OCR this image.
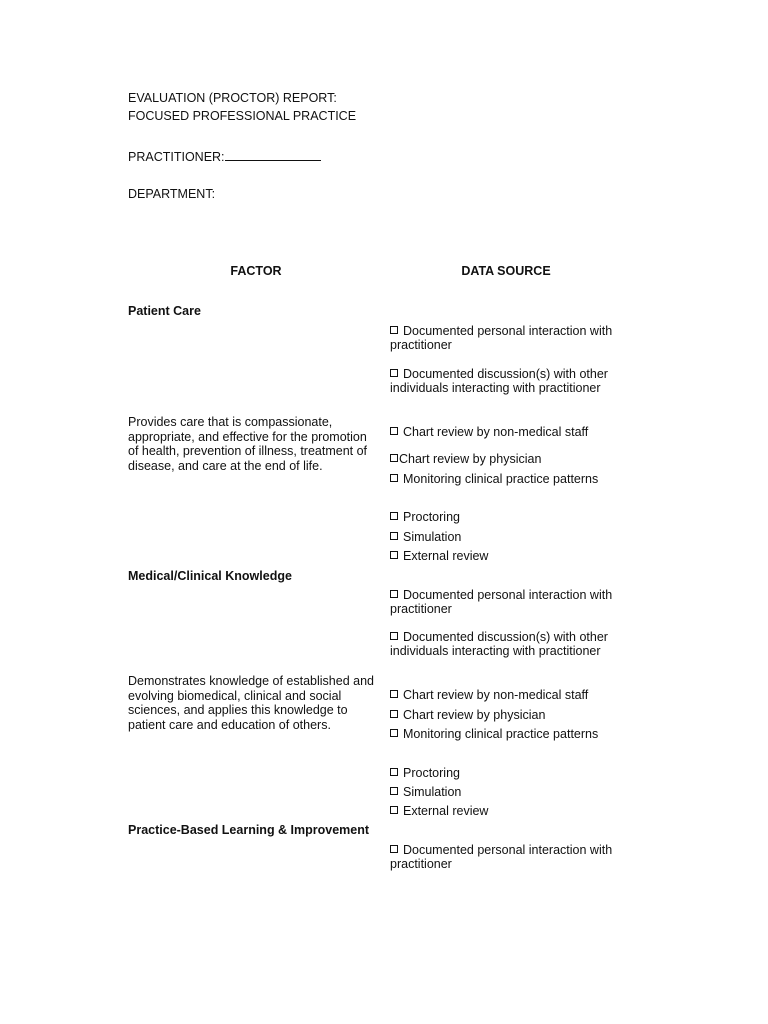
EVALUATION (PROCTOR) REPORT:
FOCUSED PROFESSIONAL PRACTICE
PRACTITIONER:
DEPARTMENT:
FACTOR	DATA SOURCE
Patient Care
Documented personal interaction with practitioner
Documented discussion(s) with other individuals interacting with practitioner
Provides care that is compassionate, appropriate, and effective for the promotion of health, prevention of illness, treatment of disease, and care at the end of life.
Chart review by non-medical staff
Chart review by physician
Monitoring clinical practice patterns
Proctoring
Simulation
External review
Medical/Clinical Knowledge
Documented personal interaction with practitioner
Documented discussion(s) with other individuals interacting with practitioner
Demonstrates knowledge of established and evolving biomedical, clinical and social sciences, and applies this knowledge to patient care and education of others.
Chart review by non-medical staff
Chart review by physician
Monitoring clinical practice patterns
Proctoring
Simulation
External review
Practice-Based Learning & Improvement
Documented personal interaction with practitioner
